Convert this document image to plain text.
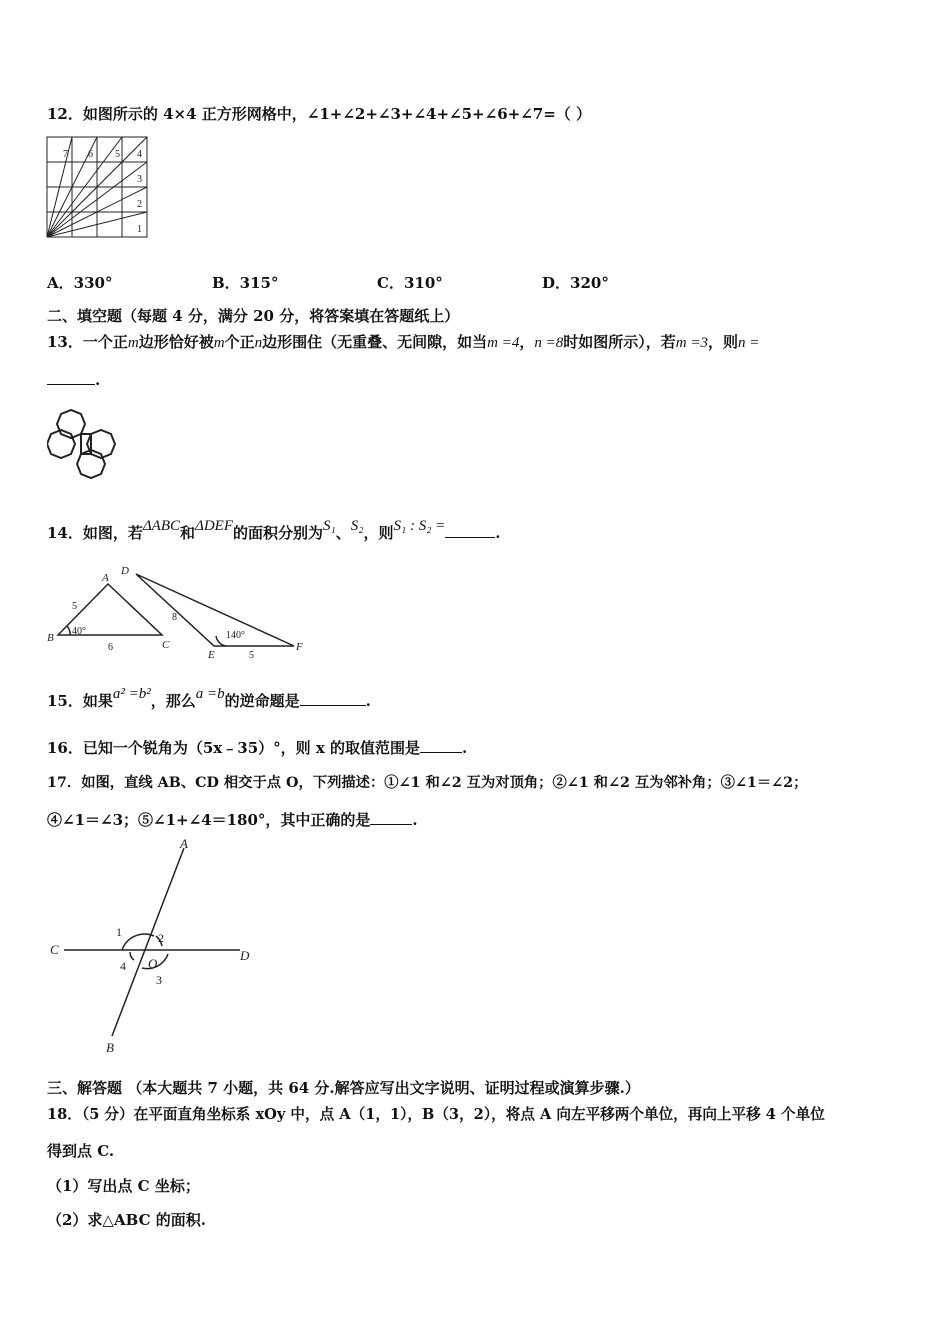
12．如图所示的 4×4 正方形网格中，∠1+∠2+∠3+∠4+∠5+∠6+∠7=（ ）
1
2
3
4
5
6
7
A．330°	B．315°	C．310°	D．320°
二、填空题（每题 4 分，满分 20 分，将答案填在答题纸上）
13．一个正m边形恰好被m个正n边形围住（无重叠、无间隙，如当m =4，n =8时如图所示），若m =3，则n =
.
14．如图，若ΔABC和ΔDEF的面积分别为S₁、S₂，则S₁ : S₂ =	.
A
B
C
D
E
F
5
6
40°
8
5
140°
15．如果a² =b²，那么a =b的逆命题是	.
16．已知一个锐角为（5x﹣35）°，则 x 的取值范围是	.
17．如图，直线 AB、CD 相交于点 O，下列描述：①∠1 和∠2 互为对顶角；②∠1 和∠2 互为邻补角；③∠1＝∠2；
④∠1＝∠3；⑤∠1+∠4＝180°，其中正确的是	.
A
B
C	D
O
1	2
3
4
三、解答题 （本大题共 7 小题，共 64 分.解答应写出文字说明、证明过程或演算步骤.）
18．（5 分）在平面直角坐标系 xOy 中，点 A（1，1），B（3，2），将点 A 向左平移两个单位，再向上平移 4 个单位
得到点 C.
（1）写出点 C 坐标；
（2）求△ABC 的面积.
